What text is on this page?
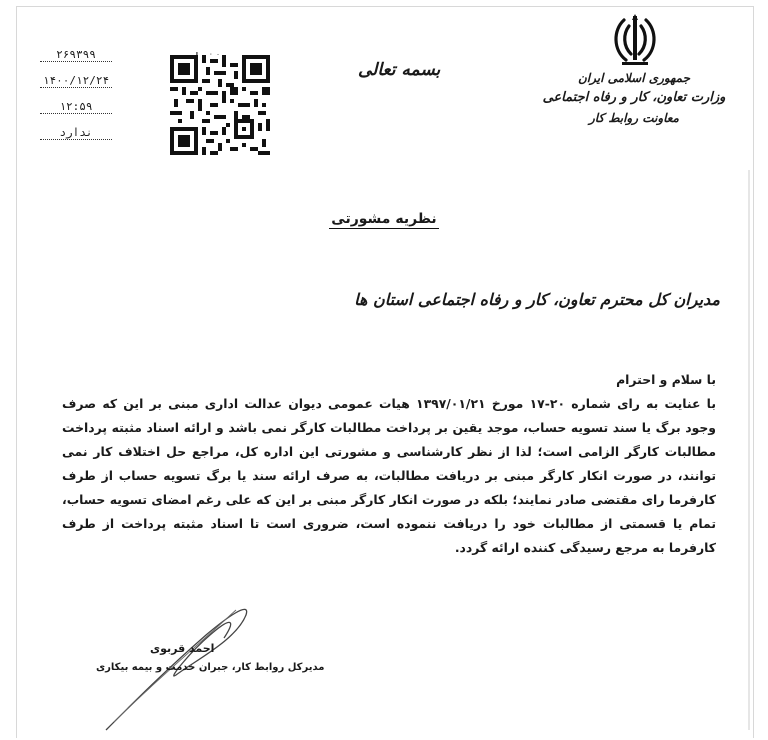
۲۶۹۳۹۹
۱۴۰۰/۱۲/۲۴
۱۲:۵۹
ندارد
بسمه تعالی	جمهوری اسلامی ایران
وزارت تعاون، کار و رفاه اجتماعی
معاونت روابط کار
نظریه مشورتی
مدیران کل محترم تعاون، کار و رفاه اجتماعی استان ها

با سلام و احترام

با عنایت به رای شماره ۲۰-۱۷ مورخ ۱۳۹۷/۰۱/۲۱ هیات عمومی دیوان عدالت اداری مبنی بر این که صرف وجود برگ یا سند تسویه حساب، موجد یقین بر پرداخت مطالبات کارگر نمی باشد و ارائه اسناد مثبته پرداخت مطالبات کارگر الزامی است؛ لذا از نظر کارشناسی و مشورتی این اداره کل، مراجع حل اختلاف کار نمی توانند، در صورت انکار کارگر مبنی بر دریافت مطالبات، به صرف ارائه سند یا برگ تسویه حساب از طرف کارفرما رای مقتضی صادر نمایند؛ بلکه در صورت انکار کارگر مبنی بر این که علی رغم امضای تسویه حساب، تمام یا قسمتی از مطالبات خود را دریافت ننموده است، ضروری است تا اسناد مثبته پرداخت از طرف کارفرما به مرجع رسیدگی کننده ارائه گردد.

احمد قربوی
مدیرکل روابط کار، جبران خدمت و بیمه بیکاری
